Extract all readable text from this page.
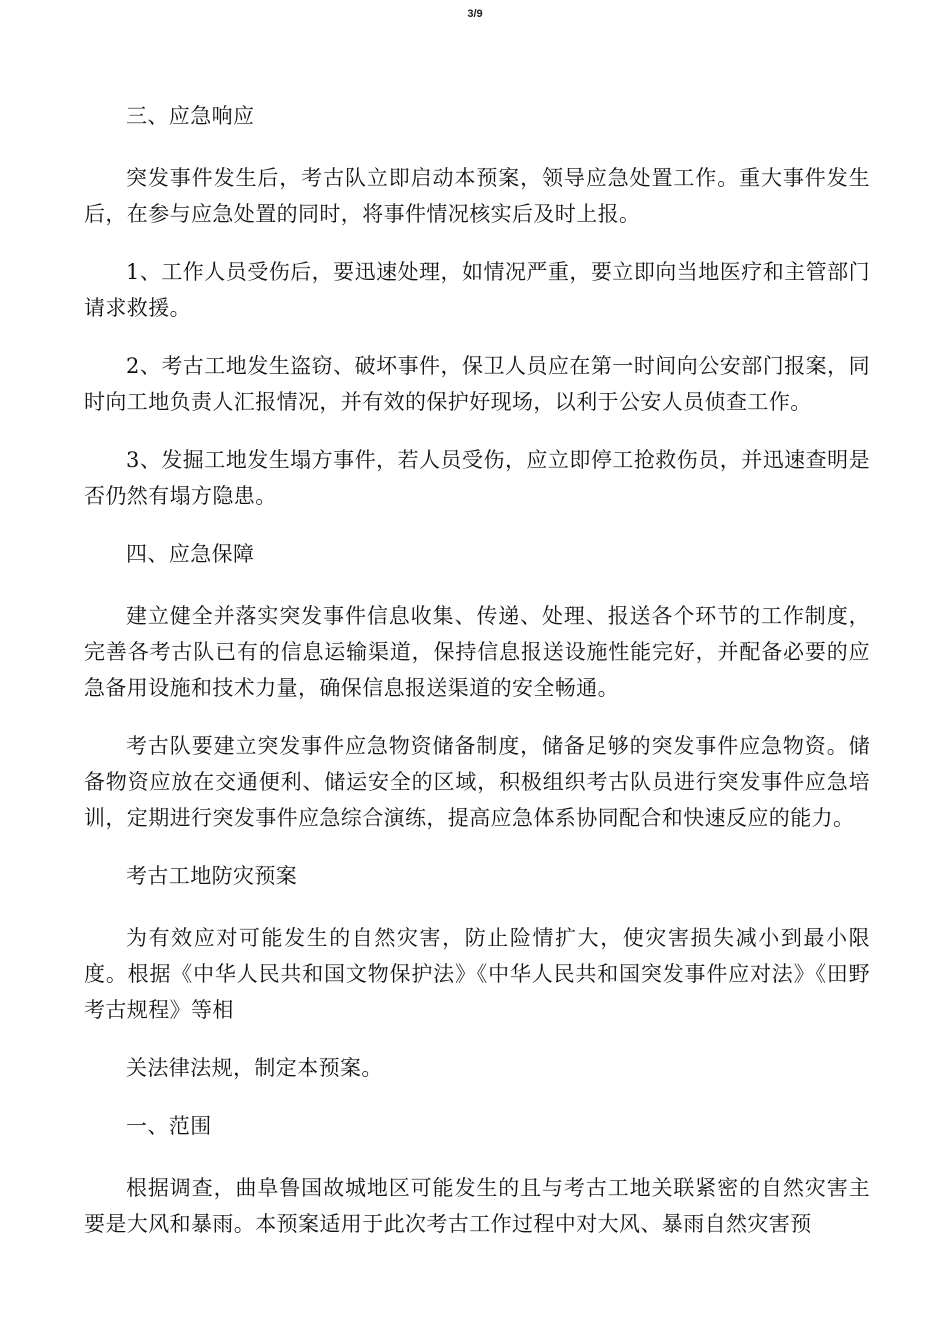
3/9

三、应急响应

突发事件发生后，考古队立即启动本预案，领导应急处置工作。重大事件发生后，在参与应急处置的同时，将事件情况核实后及时上报。

1、工作人员受伤后，要迅速处理，如情况严重，要立即向当地医疗和主管部门请求救援。

2、考古工地发生盗窃、破坏事件，保卫人员应在第一时间向公安部门报案，同时向工地负责人汇报情况，并有效的保护好现场，以利于公安人员侦查工作。

3、发掘工地发生塌方事件，若人员受伤，应立即停工抢救伤员，并迅速查明是否仍然有塌方隐患。

四、应急保障

建立健全并落实突发事件信息收集、传递、处理、报送各个环节的工作制度，完善各考古队已有的信息运输渠道，保持信息报送设施性能完好，并配备必要的应急备用设施和技术力量，确保信息报送渠道的安全畅通。

考古队要建立突发事件应急物资储备制度，储备足够的突发事件应急物资。储备物资应放在交通便利、储运安全的区域，积极组织考古队员进行突发事件应急培训，定期进行突发事件应急综合演练，提高应急体系协同配合和快速反应的能力。

考古工地防灾预案

为有效应对可能发生的自然灾害，防止险情扩大，使灾害损失减小到最小限度。根据《中华人民共和国文物保护法》《中华人民共和国突发事件应对法》《田野考古规程》等相

关法律法规，制定本预案。

一、范围

根据调查，曲阜鲁国故城地区可能发生的且与考古工地关联紧密的自然灾害主要是大风和暴雨。本预案适用于此次考古工作过程中对大风、暴雨自然灾害预
